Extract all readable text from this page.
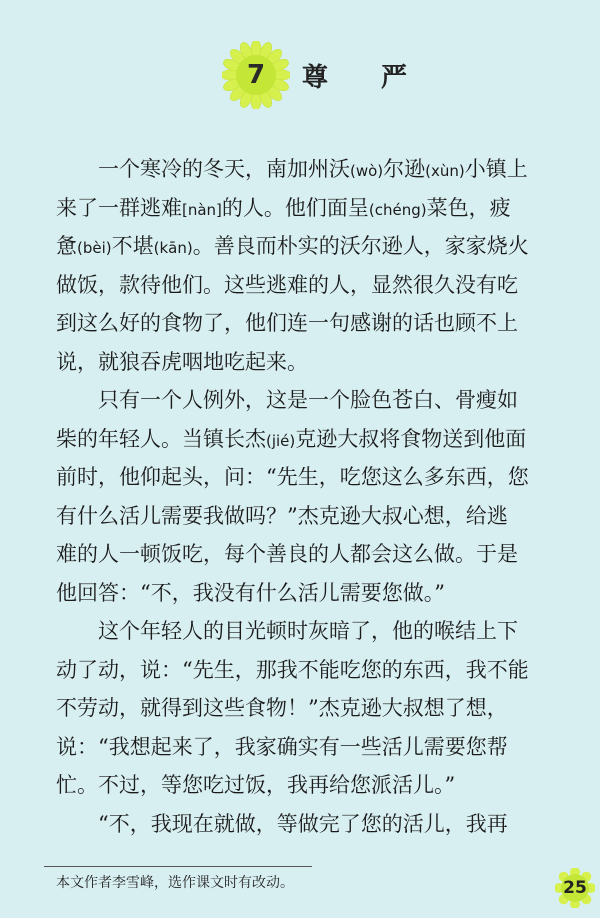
7	尊 严
一个寒冷的冬天，南加州沃(wò)尔逊(xùn)小镇上
来了一群逃难[nàn]的人。他们面呈(chéng)菜色，疲
惫(bèi)不堪(kān)。善良而朴实的沃尔逊人，家家烧火
做饭，款待他们。这些逃难的人，显然很久没有吃
到这么好的食物了，他们连一句感谢的话也顾不上
说，就狼吞虎咽地吃起来。
只有一个人例外，这是一个脸色苍白、骨瘦如
柴的年轻人。当镇长杰(jié)克逊大叔将食物送到他面
前时，他仰起头，问：“先生，吃您这么多东西，您
有什么活儿需要我做吗？”杰克逊大叔心想，给逃
难的人一顿饭吃，每个善良的人都会这么做。于是
他回答：“不，我没有什么活儿需要您做。”
这个年轻人的目光顿时灰暗了，他的喉结上下
动了动，说：“先生，那我不能吃您的东西，我不能
不劳动，就得到这些食物！”杰克逊大叔想了想，
说：“我想起来了，我家确实有一些活儿需要您帮
忙。不过，等您吃过饭，我再给您派活儿。”
“不，我现在就做，等做完了您的活儿，我再
本文作者李雪峰，选作课文时有改动。	25
